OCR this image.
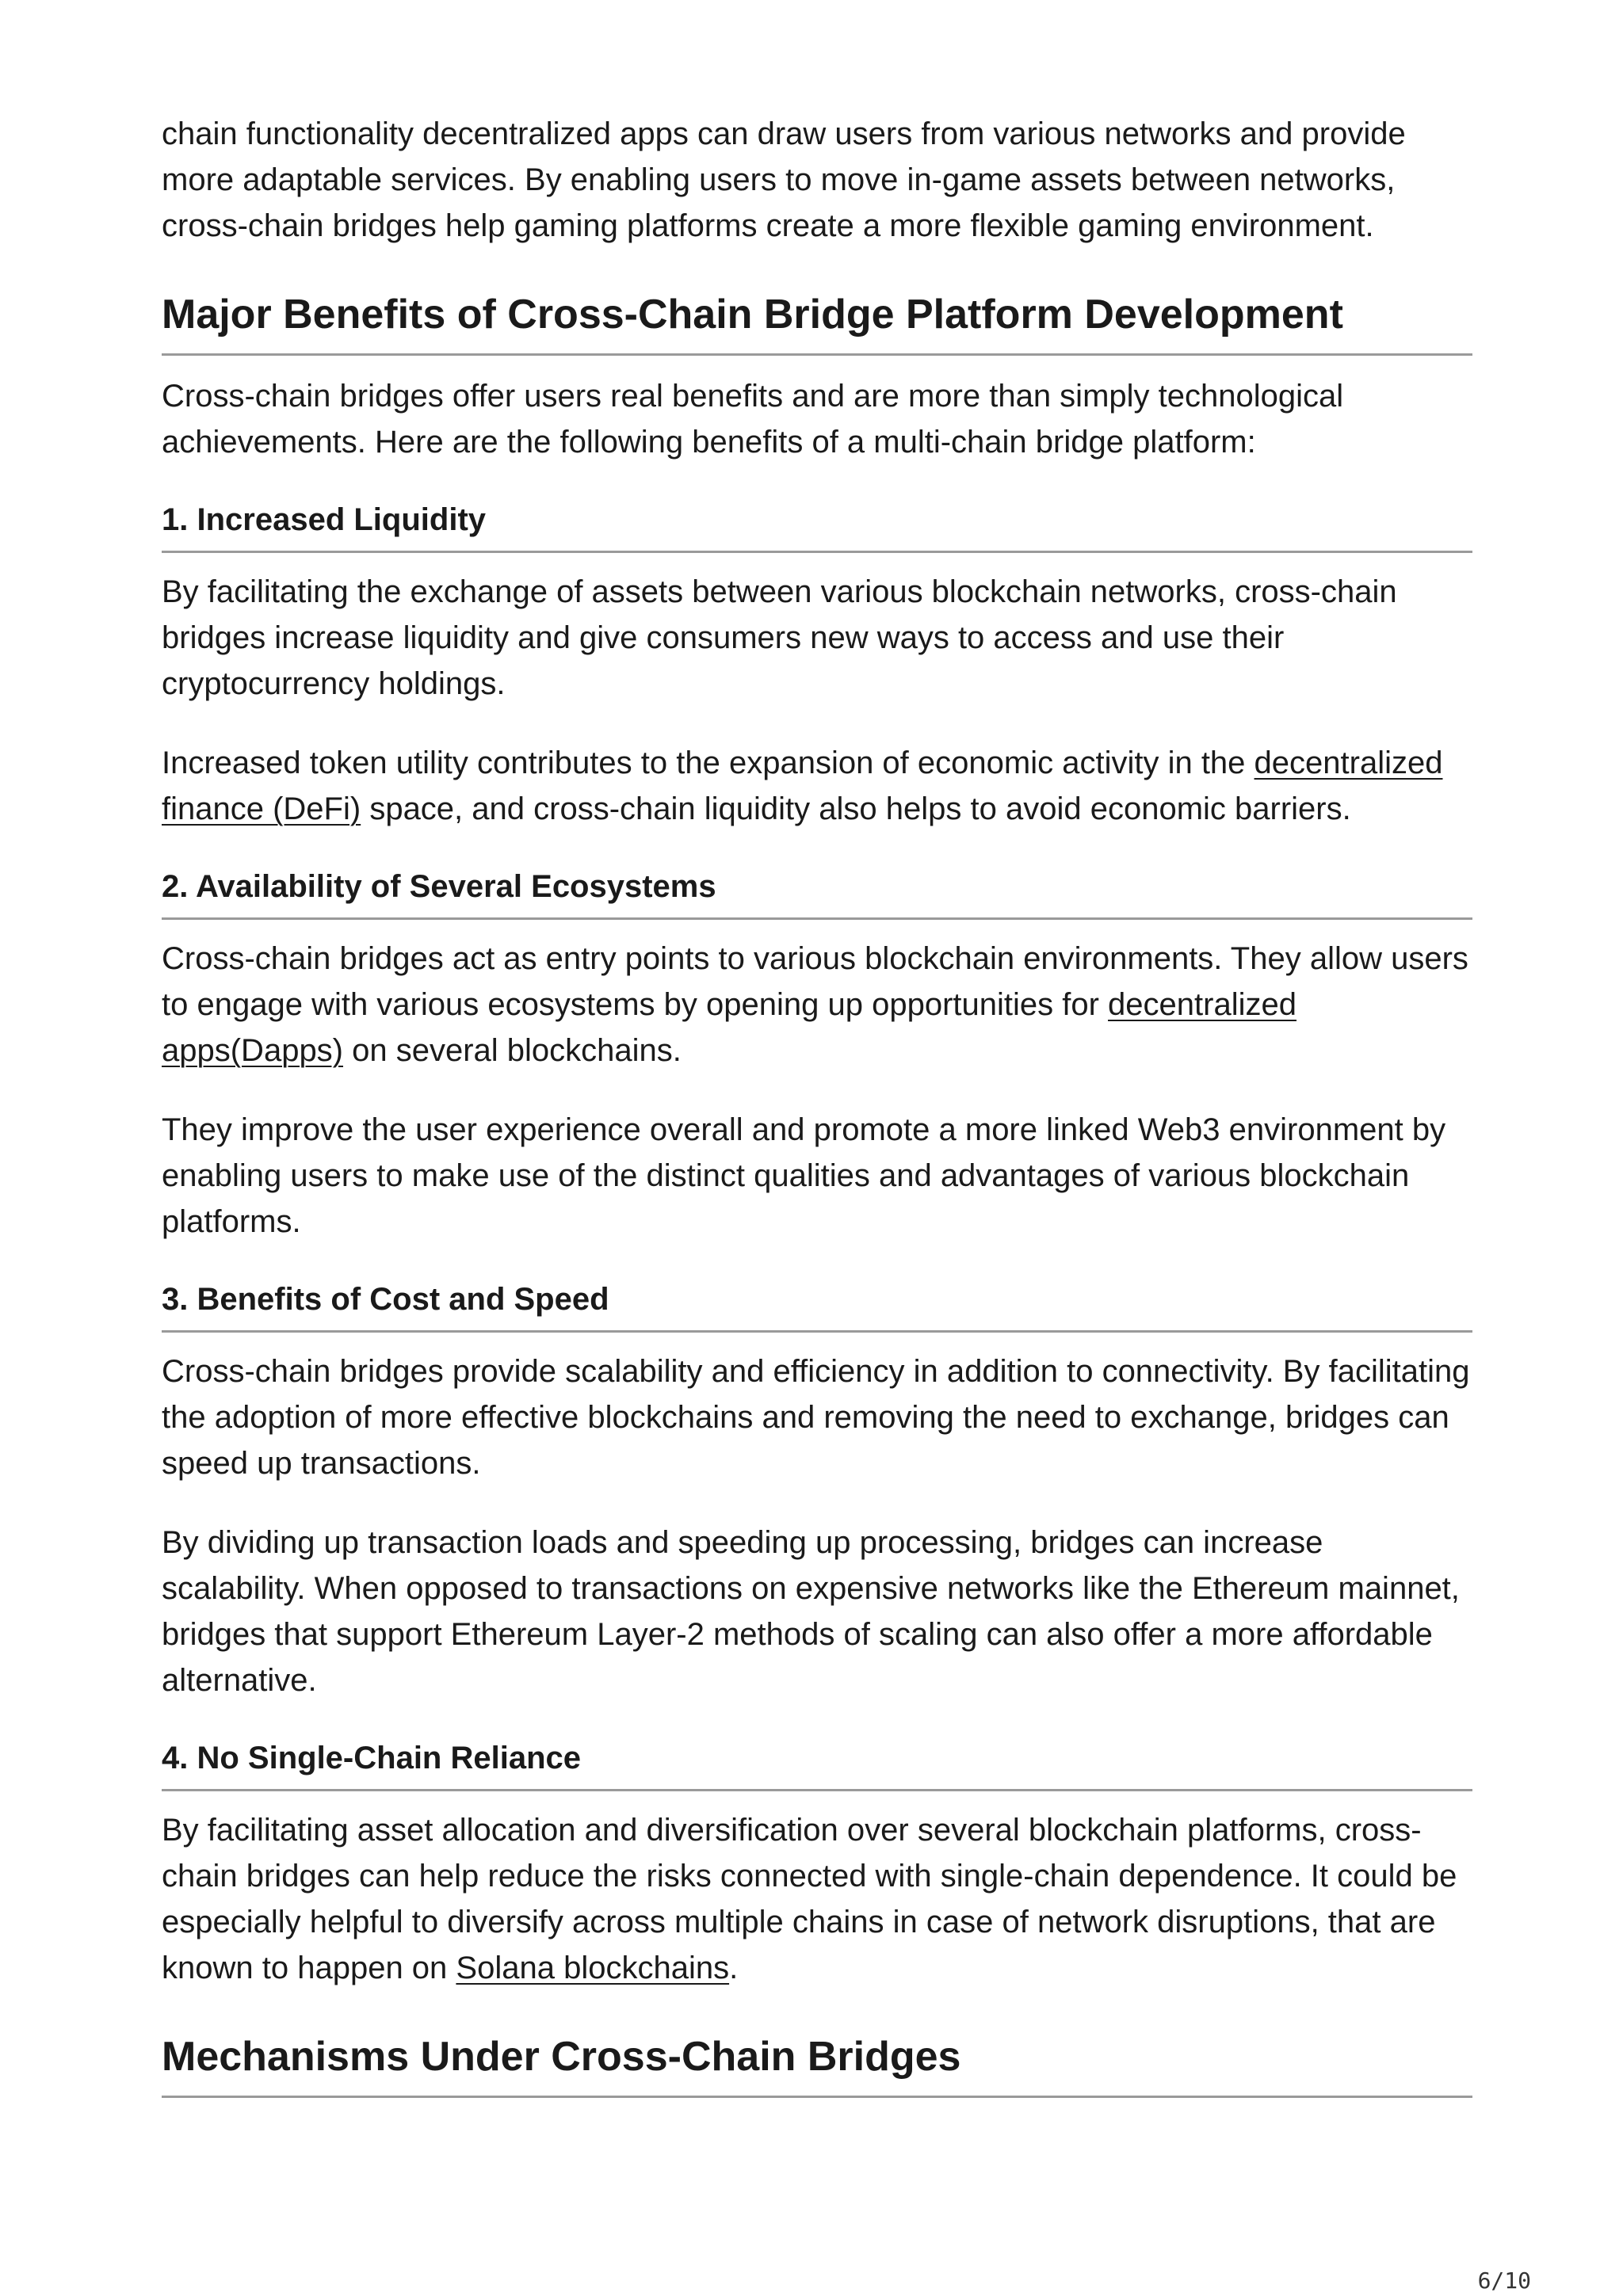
chain functionality decentralized apps can draw users from various networks and provide more adaptable services. By enabling users to move in-game assets between networks, cross-chain bridges help gaming platforms create a more flexible gaming environment.

Major Benefits of Cross-Chain Bridge Platform Development

Cross-chain bridges offer users real benefits and are more than simply technological achievements. Here are the following benefits of a multi-chain bridge platform:

1. Increased Liquidity

By facilitating the exchange of assets between various blockchain networks, cross-chain bridges increase liquidity and give consumers new ways to access and use their cryptocurrency holdings.

Increased token utility contributes to the expansion of economic activity in the decentralized finance (DeFi) space, and cross-chain liquidity also helps to avoid economic barriers.

2. Availability of Several Ecosystems

Cross-chain bridges act as entry points to various blockchain environments. They allow users to engage with various ecosystems by opening up opportunities for decentralized apps(Dapps) on several blockchains.

They improve the user experience overall and promote a more linked Web3 environment by enabling users to make use of the distinct qualities and advantages of various blockchain platforms.

3. Benefits of Cost and Speed

Cross-chain bridges provide scalability and efficiency in addition to connectivity. By facilitating the adoption of more effective blockchains and removing the need to exchange, bridges can speed up transactions.

By dividing up transaction loads and speeding up processing, bridges can increase scalability. When opposed to transactions on expensive networks like the Ethereum mainnet, bridges that support Ethereum Layer-2 methods of scaling can also offer a more affordable alternative.

4. No Single-Chain Reliance

By facilitating asset allocation and diversification over several blockchain platforms, cross-chain bridges can help reduce the risks connected with single-chain dependence. It could be especially helpful to diversify across multiple chains in case of network disruptions, that are known to happen on Solana blockchains.

Mechanisms Under Cross-Chain Bridges
6/10
